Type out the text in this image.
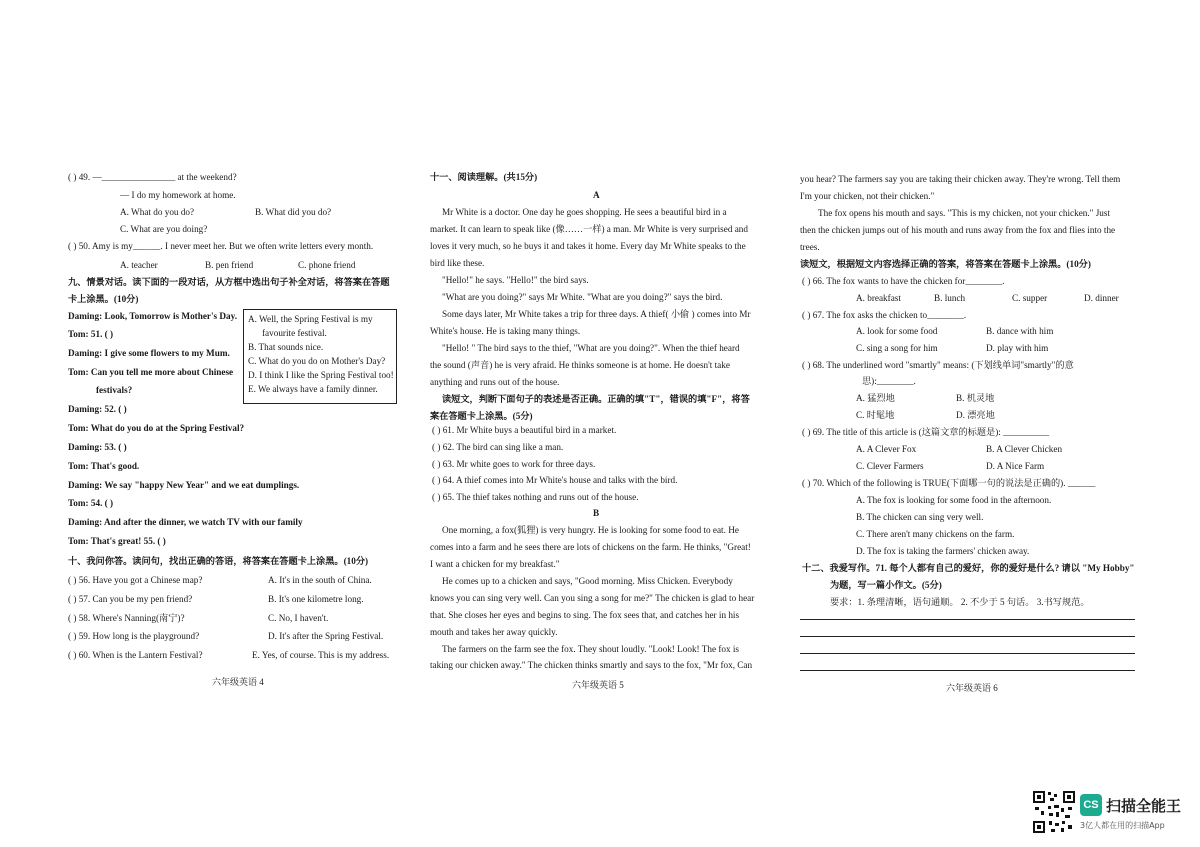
( ) 49. —________________ at the weekend?
— I do my homework at home.
A. What do you do?	B. What did you do?
C. What are you doing?
( ) 50. Amy is my______. I never meet her. But we often write letters every month.
A. teacher	B. pen friend	C. phone friend
九、情景对话。读下面的一段对话，从方框中选出句子补全对话，将答案在答题
卡上涂黑。(10分)
Daming: Look, Tomorrow is Mother's Day.
Tom: 51. ( )
Daming: I give some flowers to my Mum.
Tom: Can you tell me more about Chinese
festivals?
Daming: 52. ( )
Tom: What do you do at the Spring Festival?
Daming: 53. ( )
Tom: That's good.
Daming: We say "happy New Year" and we eat dumplings.
Tom: 54. ( )
Daming: And after the dinner, we watch TV with our family
Tom: That's great! 55. ( )
A. Well, the Spring Festival is my
favourite festival.
B. That sounds nice.
C. What do you do on Mother's Day?
D. I think I like the Spring Festival too!
E. We always have a family dinner.
十、我问你答。读问句，找出正确的答语，将答案在答题卡上涂黑。(10分)
( ) 56. Have you got a Chinese map?	A. It's in the south of China.
( ) 57. Can you be my pen friend?	B. It's one kilometre long.
( ) 58. Where's Nanning(南宁)?	C. No, I haven't.
( ) 59. How long is the playground?	D. It's after the Spring Festival.
( ) 60. When is the Lantern Festival?	E. Yes, of course. This is my address.
六年级英语 4
十一、阅读理解。(共15分)
A
Mr White is a doctor. One day he goes shopping. He sees a beautiful bird in a
market. It can learn to speak like (像……一样) a man. Mr White is very surprised and
loves it very much, so he buys it and takes it home. Every day Mr White speaks to the
bird like these.
"Hello!" he says. "Hello!" the bird says.
"What are you doing?" says Mr White. "What are you doing?" says the bird.
Some days later, Mr White takes a trip for three days. A thief( 小偷 ) comes into Mr
White's house. He is taking many things.
"Hello! " The bird says to the thief, "What are you doing?". When the thief heard
the sound (声音) he is very afraid. He thinks someone is at home. He doesn't take
anything and runs out of the house.
读短文，判断下面句子的表述是否正确。正确的填"T"，错误的填"F"，将答
案在答题卡上涂黑。(5分)
( ) 61. Mr White buys a beautiful bird in a market.
( ) 62. The bird can sing like a man.
( ) 63. Mr white goes to work for three days.
( ) 64. A thief comes into Mr White's house and talks with the bird.
( ) 65. The thief takes nothing and runs out of the house.
B
One morning, a fox(狐狸) is very hungry. He is looking for some food to eat. He
comes into a farm and he sees there are lots of chickens on the farm. He thinks, "Great!
I want a chicken for my breakfast."
He comes up to a chicken and says, "Good morning. Miss Chicken. Everybody
knows you can sing very well. Can you sing a song for me?" The chicken is glad to hear
that. She closes her eyes and begins to sing. The fox sees that, and catches her in his
mouth and takes her away quickly.
The farmers on the farm see the fox. They shout loudly. "Look! Look! The fox is
taking our chicken away." The chicken thinks smartly and says to the fox, "Mr fox, Can
六年级英语 5
you hear? The farmers say you are taking their chicken away. They're wrong. Tell them
I'm your chicken, not their chicken."
The fox opens his mouth and says. "This is my chicken, not your chicken." Just
then the chicken jumps out of his mouth and runs away from the fox and flies into the
trees.
读短文，根据短文内容选择正确的答案，将答案在答题卡上涂黑。(10分)
( ) 66. The fox wants to have the chicken for________.
A. breakfast	B. lunch	C. supper	D. dinner
( ) 67. The fox asks the chicken to________.
A. look for some food	B. dance with him
C. sing a song for him	D. play with him
( ) 68. The underlined word "smartly" means: (下划线单词"smartly"的意
思):________.
A. 猛烈地	B. 机灵地
C. 时髦地	D. 漂亮地
( ) 69. The title of this article is (这篇文章的标题是): __________
A. A Clever Fox	B. A Clever Chicken
C. Clever Farmers	D. A Nice Farm
( ) 70. Which of the following is TRUE(下面哪一句的说法是正确的). ______
A. The fox is looking for some food in the afternoon.
B. The chicken can sing very well.
C. There aren't many chickens on the farm.
D. The fox is taking the farmers' chicken away.
十二、我爱写作。71. 每个人都有自己的爱好，你的爱好是什么? 请以 "My Hobby"
为题，写一篇小作文。(5分)
要求：1. 条理清晰，语句通顺。 2. 不少于 5 句话。 3.书写规范。
六年级英语 6
CS 扫描全能王
3亿人都在用的扫描App
